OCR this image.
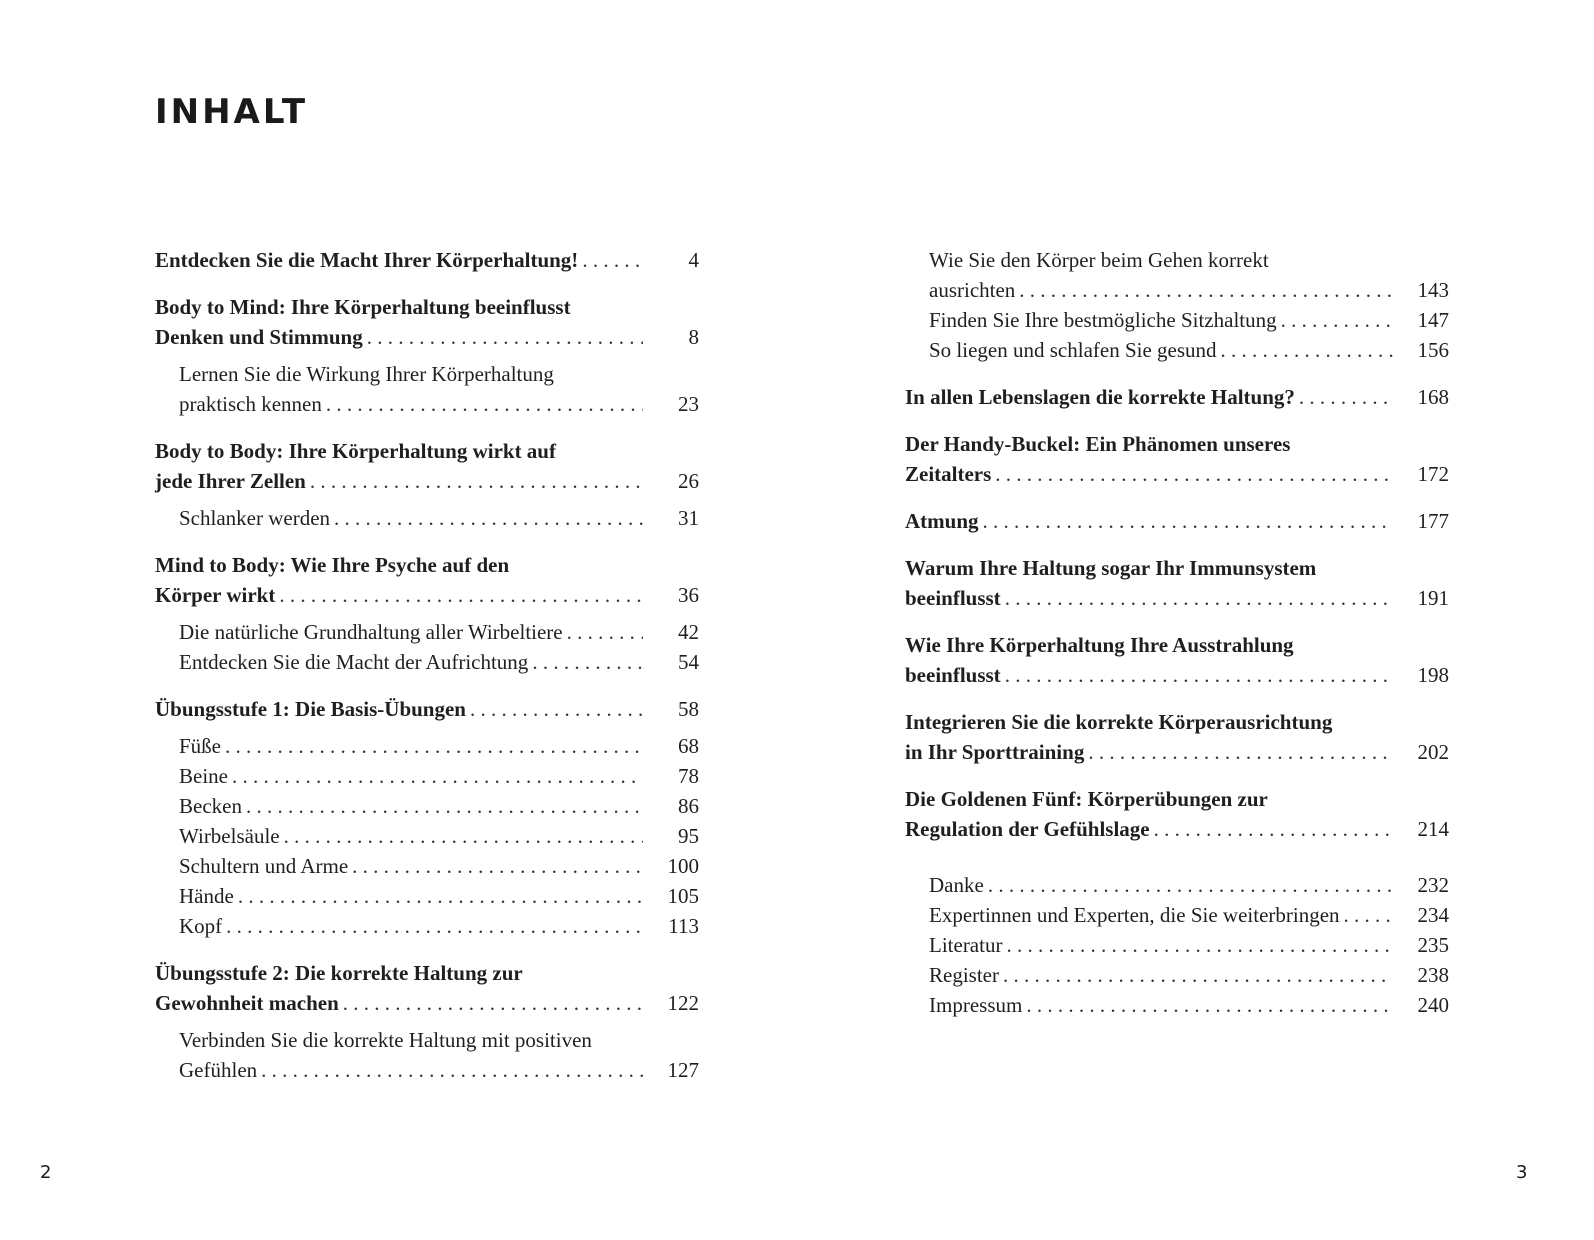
INHALT
Entdecken Sie die Macht Ihrer Körperhaltung! . . .	4
Body to Mind: Ihre Körperhaltung beeinflusst
Denken und Stimmung . . .	8
Lernen Sie die Wirkung Ihrer Körperhaltung
praktisch kennen . . .	23
Body to Body: Ihre Körperhaltung wirkt auf
jede Ihrer Zellen . . .	26
Schlanker werden . . .	31
Mind to Body: Wie Ihre Psyche auf den
Körper wirkt . . .	36
Die natürliche Grundhaltung aller Wirbeltiere . . .	42
Entdecken Sie die Macht der Aufrichtung . . .	54
Übungsstufe 1: Die Basis-Übungen . . .	58
Füße . . .	68
Beine . . .	78
Becken . . .	86
Wirbelsäule . . .	95
Schultern und Arme . . .	100
Hände . . .	105
Kopf . . .	113
Übungsstufe 2: Die korrekte Haltung zur
Gewohnheit machen . . .	122
Verbinden Sie die korrekte Haltung mit positiven
Gefühlen . . .	127
Wie Sie den Körper beim Gehen korrekt
ausrichten . . .	143
Finden Sie Ihre bestmögliche Sitzhaltung . . .	147
So liegen und schlafen Sie gesund . . .	156
In allen Lebenslagen die korrekte Haltung? . . .	168
Der Handy-Buckel: Ein Phänomen unseres
Zeitalters . . .	172
Atmung . . .	177
Warum Ihre Haltung sogar Ihr Immunsystem
beeinflusst . . .	191
Wie Ihre Körperhaltung Ihre Ausstrahlung
beeinflusst . . .	198
Integrieren Sie die korrekte Körperausrichtung
in Ihr Sporttraining . . .	202
Die Goldenen Fünf: Körperübungen zur
Regulation der Gefühlslage . . .	214
Danke . . .	232
Expertinnen und Experten, die Sie weiterbringen . . .	234
Literatur . . .	235
Register . . .	238
Impressum . . .	240
2	3
